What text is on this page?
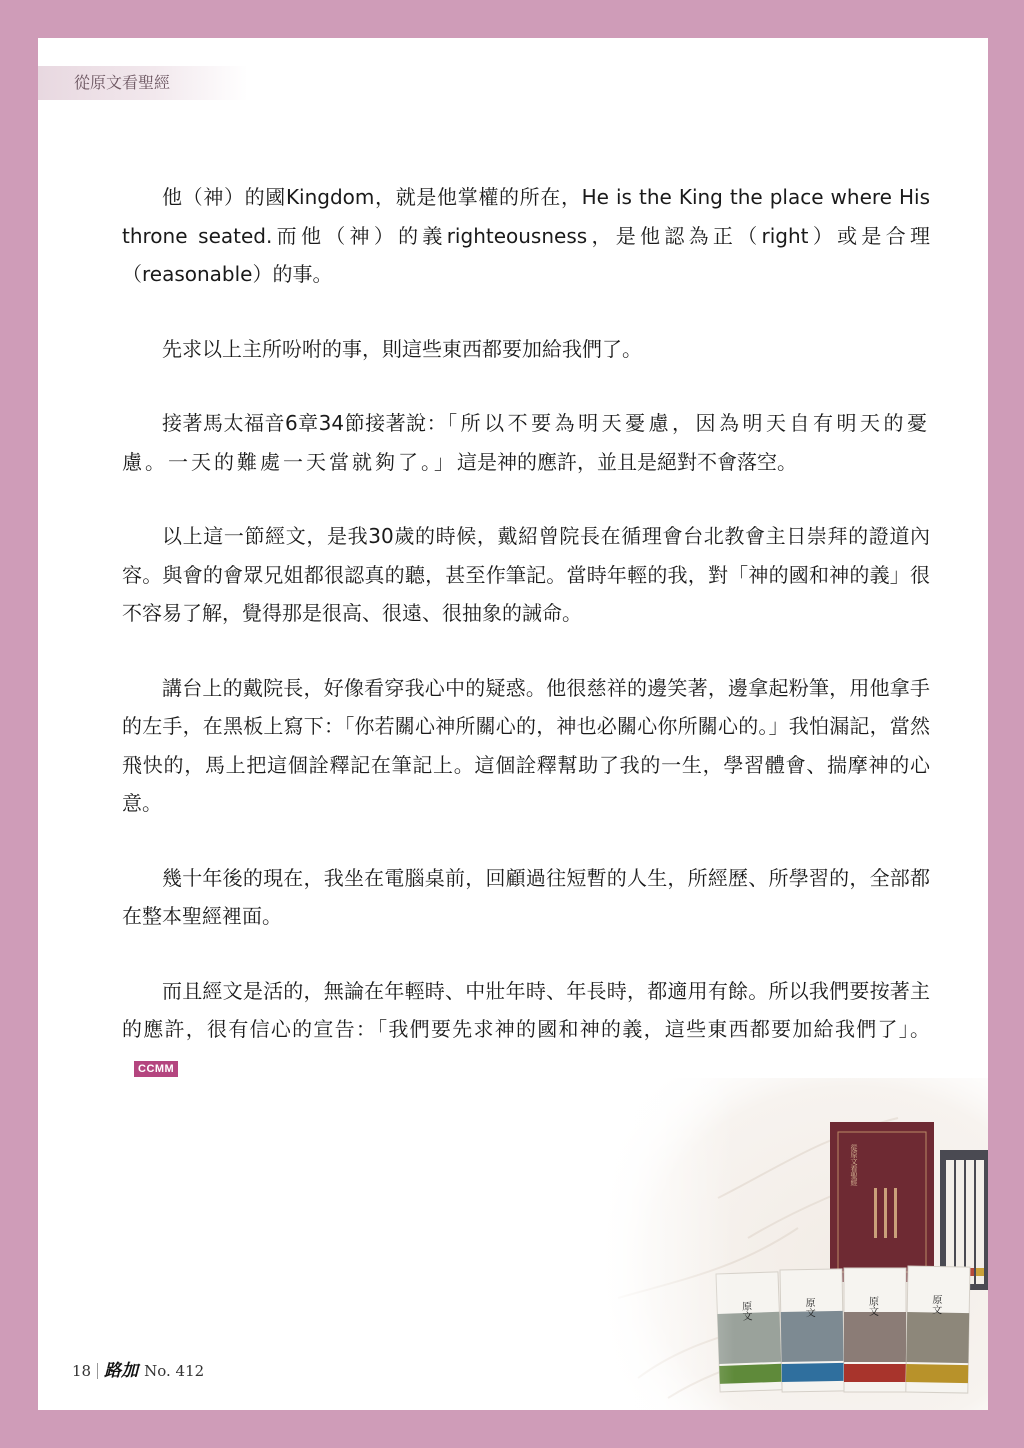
從原文看聖經

他（神）的國Kingdom，就是他掌權的所在，He is the King the place where His throne seated.而他（神）的義righteousness，是他認為正（right）或是合理（reasonable）的事。

先求以上主所吩咐的事，則這些東西都要加給我們了。

接著馬太福音6章34節接著說：「所以不要為明天憂慮，因為明天自有明天的憂慮。一天的難處一天當就夠了。」這是神的應許，並且是絕對不會落空。

以上這一節經文，是我30歲的時候，戴紹曾院長在循理會台北教會主日崇拜的證道內容。與會的會眾兄姐都很認真的聽，甚至作筆記。當時年輕的我，對「神的國和神的義」很不容易了解，覺得那是很高、很遠、很抽象的誡命。

講台上的戴院長，好像看穿我心中的疑惑。他很慈祥的邊笑著，邊拿起粉筆，用他拿手的左手，在黑板上寫下：「你若關心神所關心的，神也必關心你所關心的。」我怕漏記，當然飛快的，馬上把這個詮釋記在筆記上。這個詮釋幫助了我的一生，學習體會、揣摩神的心意。

幾十年後的現在，我坐在電腦桌前，回顧過往短暫的人生，所經歷、所學習的，全部都在整本聖經裡面。

而且經文是活的，無論在年輕時、中壯年時、年長時，都適用有餘。所以我們要按著主的應許，很有信心的宣告：「我們要先求神的國和神的義，這些東西都要加給我們了」。CCMM

18 路加 No. 412
